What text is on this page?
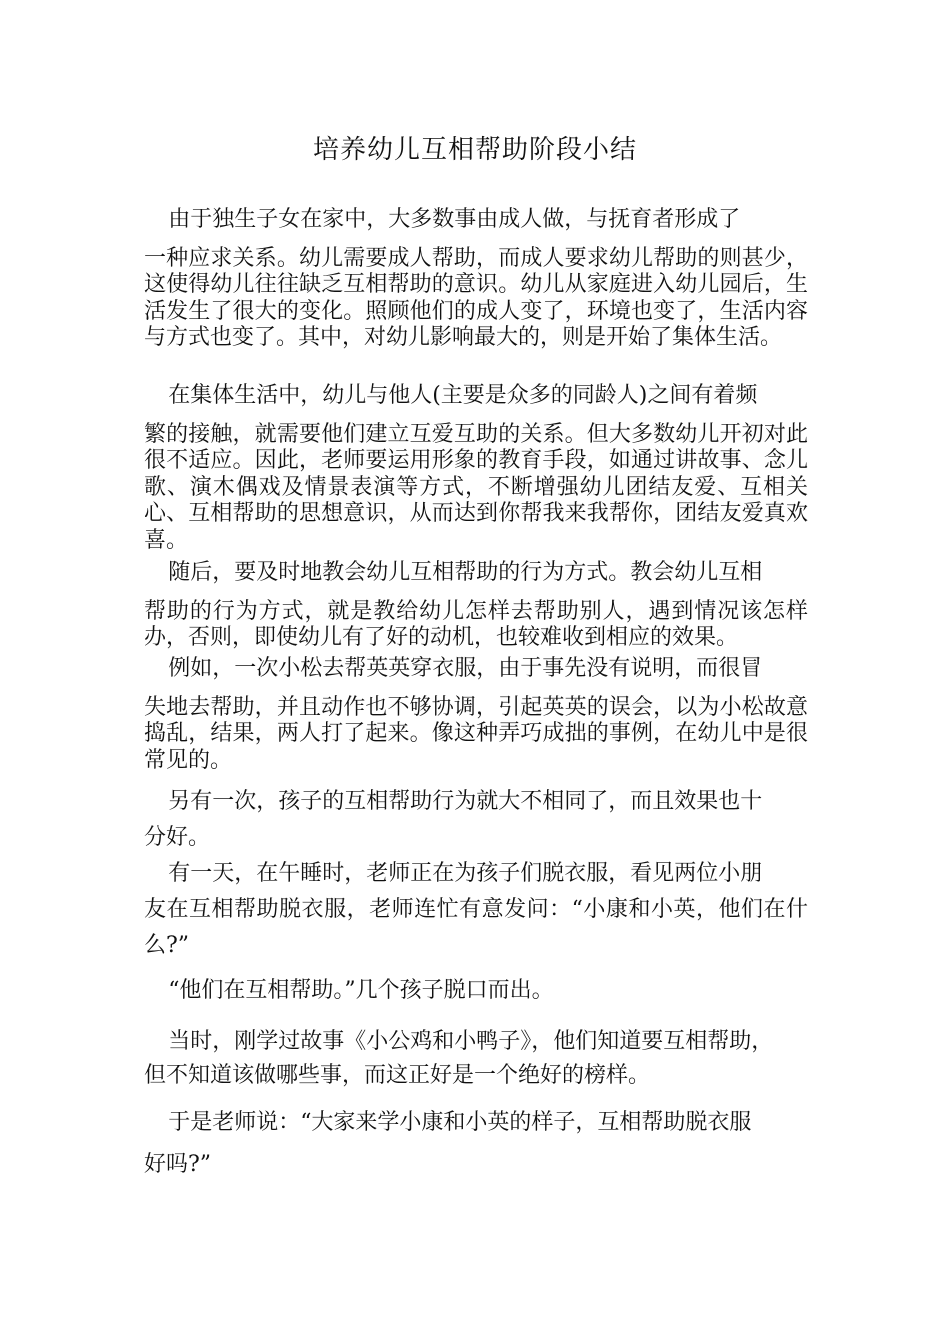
培养幼儿互相帮助阶段小结
由于独生子女在家中，大多数事由成人做，与抚育者形成了
一种应求关系。幼儿需要成人帮助，而成人要求幼儿帮助的则甚少，这使得幼儿往往缺乏互相帮助的意识。幼儿从家庭进入幼儿园后，生活发生了很大的变化。照顾他们的成人变了，环境也变了，生活内容与方式也变了。其中，对幼儿影响最大的，则是开始了集体生活。
在集体生活中，幼儿与他人(主要是众多的同龄人)之间有着频
繁的接触，就需要他们建立互爱互助的关系。但大多数幼儿开初对此很不适应。因此，老师要运用形象的教育手段，如通过讲故事、念儿歌、演木偶戏及情景表演等方式，不断增强幼儿团结友爱、互相关心、互相帮助的思想意识，从而达到你帮我来我帮你，团结友爱真欢喜。
随后，要及时地教会幼儿互相帮助的行为方式。教会幼儿互相
帮助的行为方式，就是教给幼儿怎样去帮助别人，遇到情况该怎样办，否则，即使幼儿有了好的动机，也较难收到相应的效果。
例如，一次小松去帮英英穿衣服，由于事先没有说明，而很冒
失地去帮助，并且动作也不够协调，引起英英的误会，以为小松故意捣乱，结果，两人打了起来。像这种弄巧成拙的事例，在幼儿中是很常见的。
另有一次，孩子的互相帮助行为就大不相同了，而且效果也十
分好。
有一天，在午睡时，老师正在为孩子们脱衣服，看见两位小朋
友在互相帮助脱衣服，老师连忙有意发问：“小康和小英，他们在什么?”
“他们在互相帮助。”几个孩子脱口而出。
当时，刚学过故事《小公鸡和小鸭子》，他们知道要互相帮助，
但不知道该做哪些事，而这正好是一个绝好的榜样。
于是老师说：“大家来学小康和小英的样子，互相帮助脱衣服
好吗?”
